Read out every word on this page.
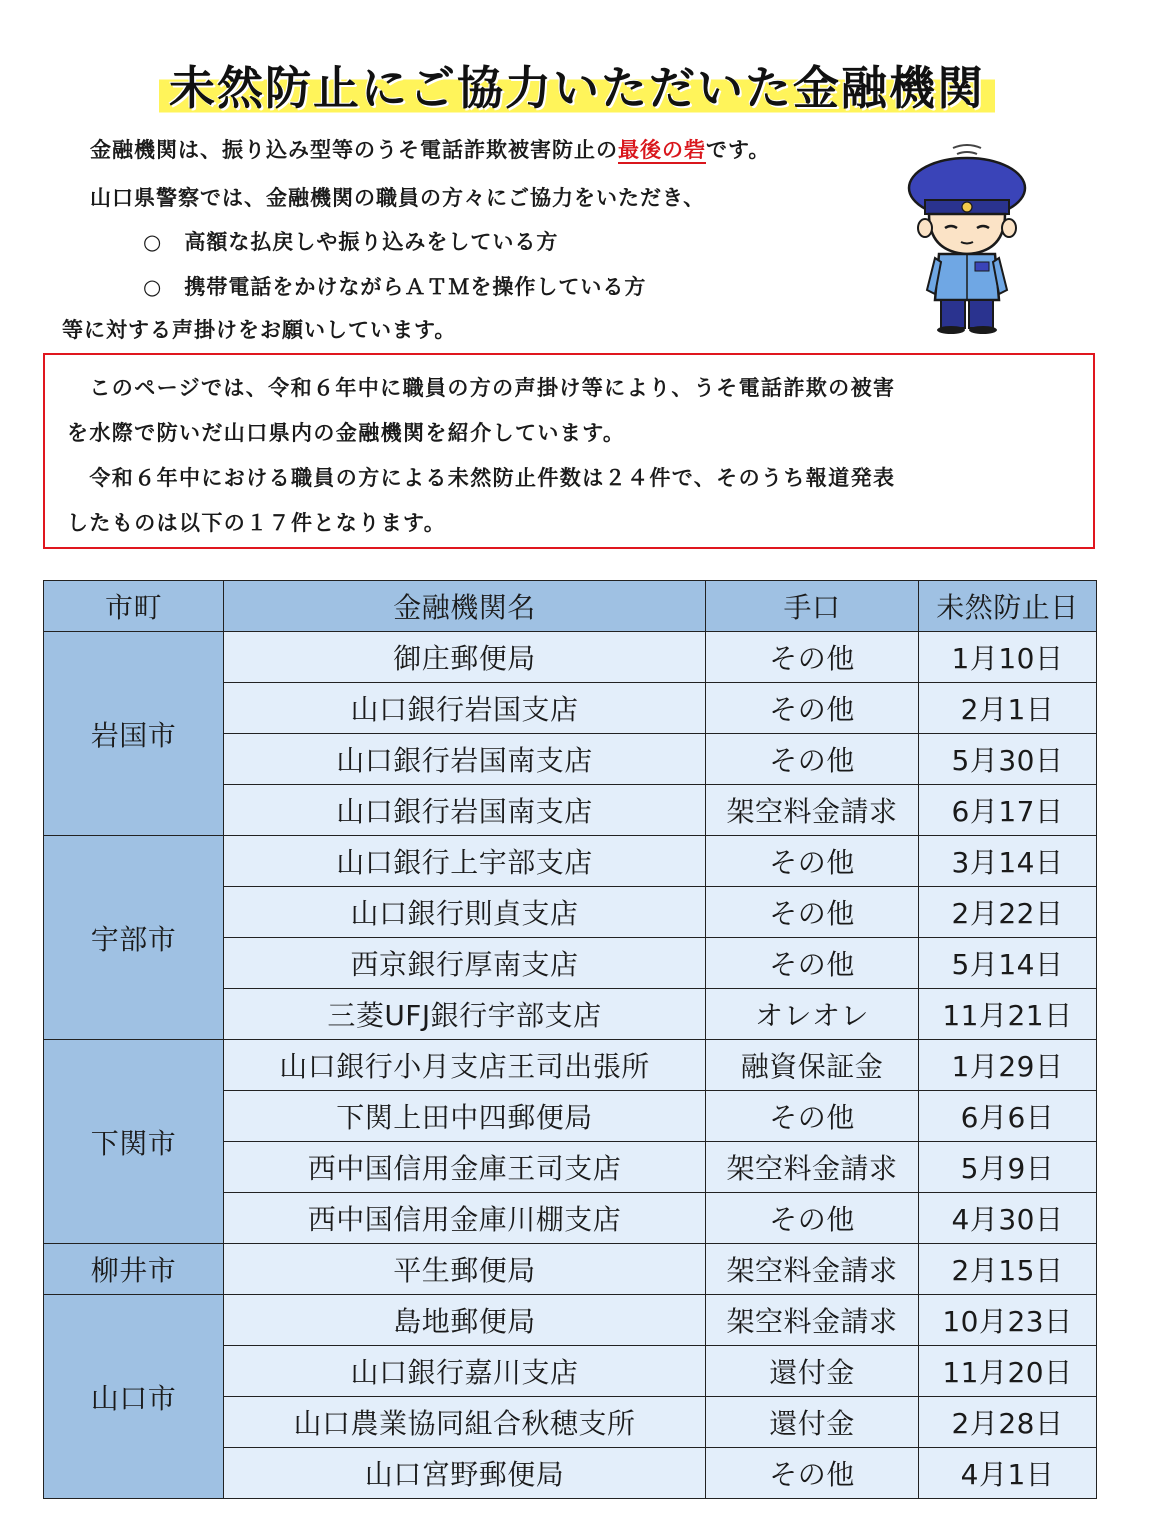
未然防止にご協力いただいた金融機関

金融機関は、振り込み型等のうそ電話詐欺被害防止の最後の砦です。

山口県警察では、金融機関の職員の方々にご協力をいただき、

○　高額な払戻しや振り込みをしている方

○　携帯電話をかけながらＡＴＭを操作している方

等に対する声掛けをお願いしています。

　このページでは、令和６年中に職員の方の声掛け等により、うそ電話詐欺の被害

を水際で防いだ山口県内の金融機関を紹介しています。

　令和６年中における職員の方による未然防止件数は２４件で、そのうち報道発表

したものは以下の１７件となります。

市町	金融機関名	手口	未然防止日
岩国市	御庄郵便局	その他	1月10日
	山口銀行岩国支店	その他	2月1日
	山口銀行岩国南支店	その他	5月30日
	山口銀行岩国南支店	架空料金請求	6月17日
宇部市	山口銀行上宇部支店	その他	3月14日
	山口銀行則貞支店	その他	2月22日
	西京銀行厚南支店	その他	5月14日
	三菱UFJ銀行宇部支店	オレオレ	11月21日
下関市	山口銀行小月支店王司出張所	融資保証金	1月29日
	下関上田中四郵便局	その他	6月6日
	西中国信用金庫王司支店	架空料金請求	5月9日
	西中国信用金庫川棚支店	その他	4月30日
柳井市	平生郵便局	架空料金請求	2月15日
山口市	島地郵便局	架空料金請求	10月23日
	山口銀行嘉川支店	還付金	11月20日
	山口農業協同組合秋穂支所	還付金	2月28日
	山口宮野郵便局	その他	4月1日
